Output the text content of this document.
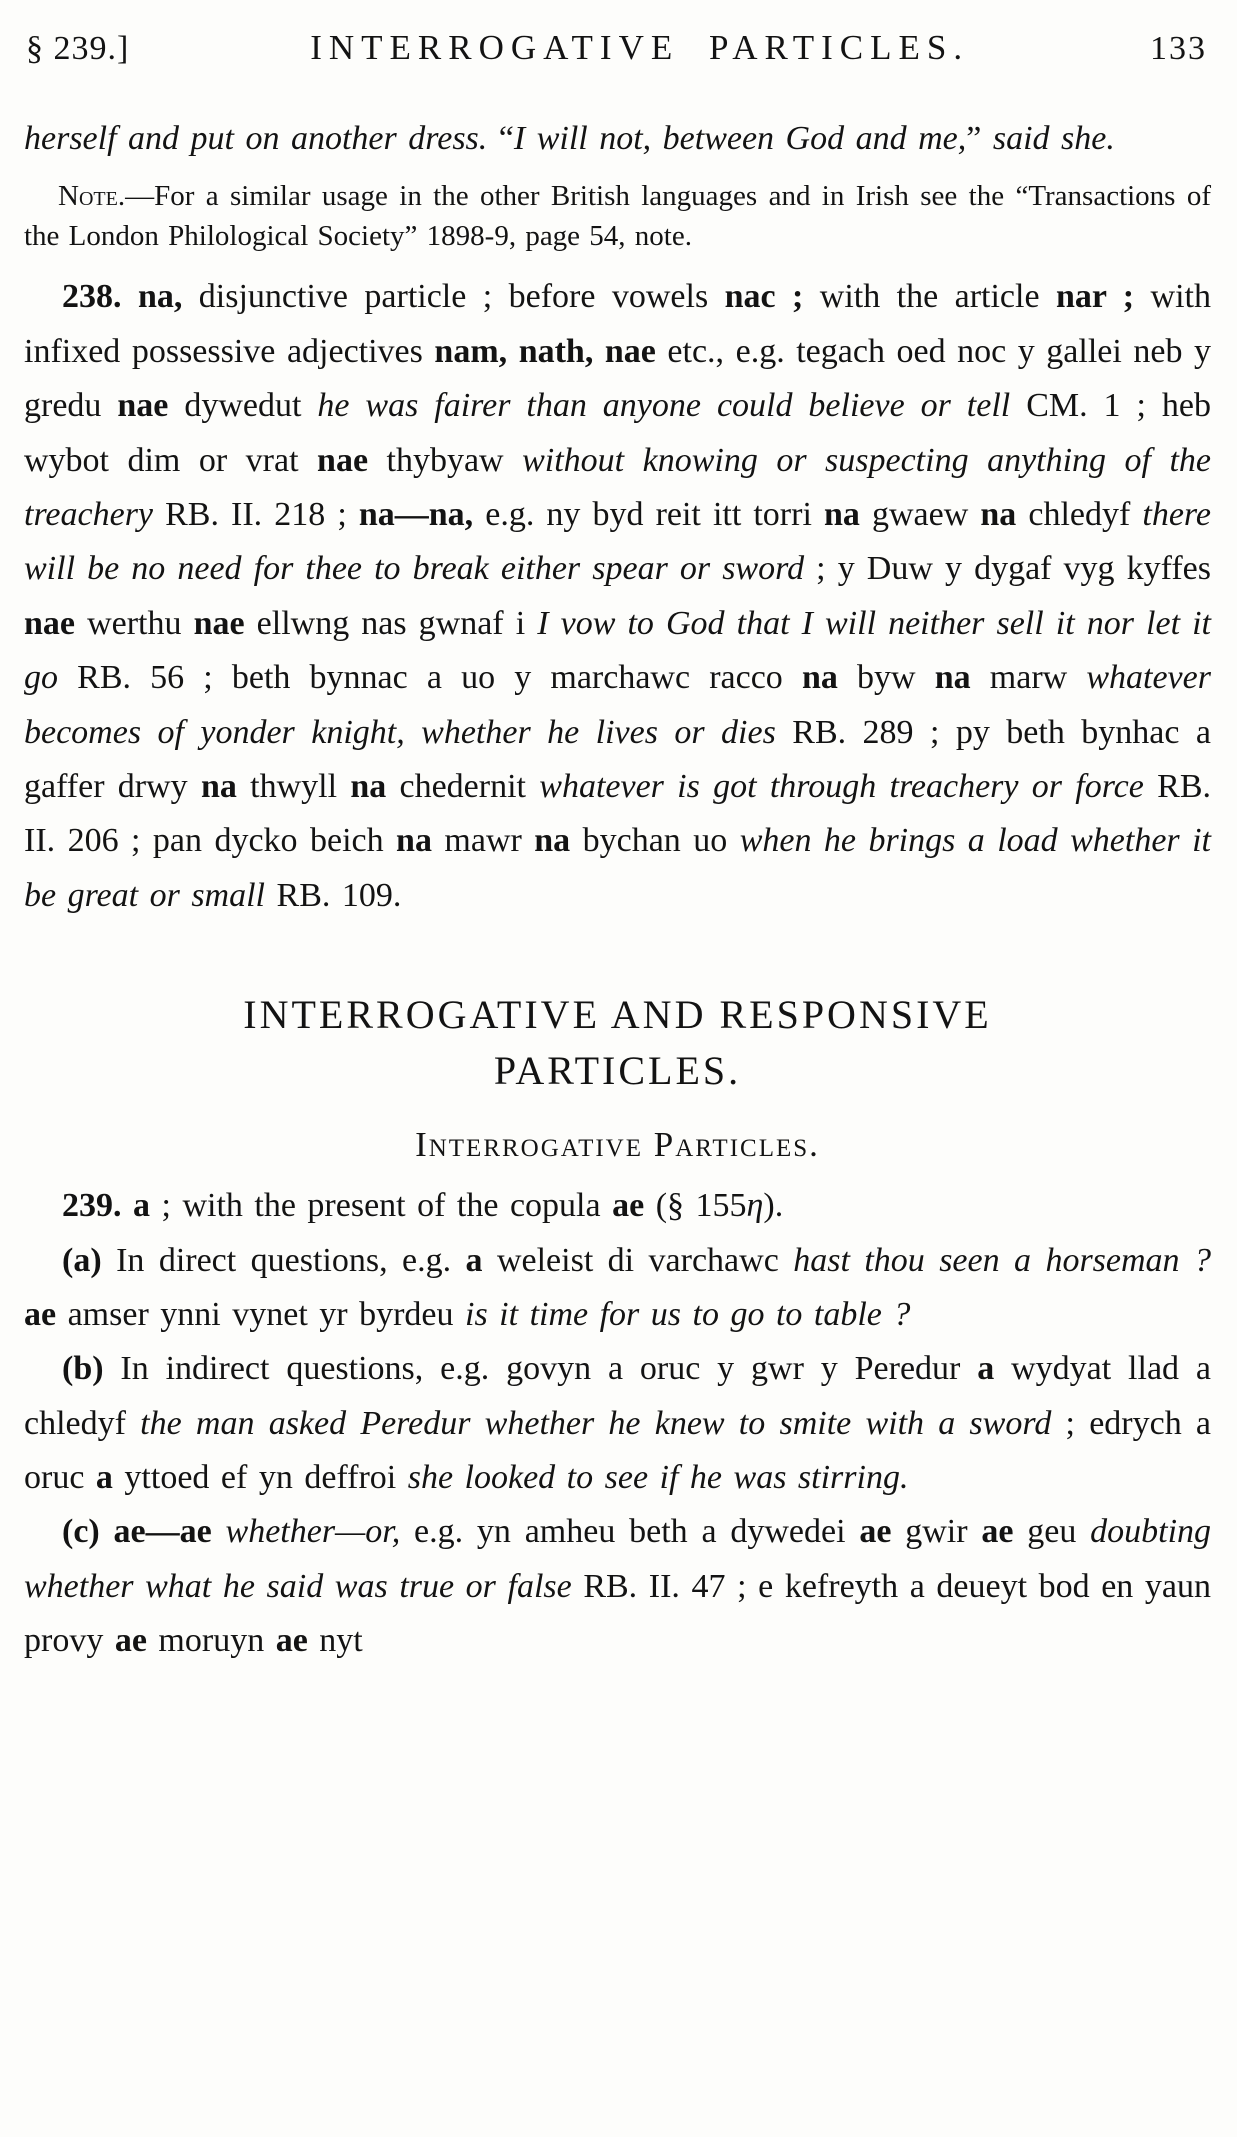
§ 239.]	INTERROGATIVE PARTICLES.	133

herself and put on another dress. “I will not, between God and me,” said she.

Note.—For a similar usage in the other British languages and in Irish see the “Transactions of the London Philological Society” 1898-9, page 54, note.

238. na, disjunctive particle ; before vowels nac ; with the article nar ; with infixed possessive adjectives nam, nath, nae etc., e.g. tegach oed noc y gallei neb y gredu nae dywedut he was fairer than anyone could believe or tell CM. 1 ; heb wybot dim or vrat nae thybyaw without knowing or suspecting anything of the treachery RB. II. 218 ; na—na, e.g. ny byd reit itt torri na gwaew na chledyf there will be no need for thee to break either spear or sword ; y Duw y dygaf vyg kyffes nae werthu nae ellwng nas gwnaf i I vow to God that I will neither sell it nor let it go RB. 56 ; beth bynnac a uo y marchawc racco na byw na marw whatever becomes of yonder knight, whether he lives or dies RB. 289 ; py beth bynhac a gaffer drwy na thwyll na chedernit whatever is got through treachery or force RB. II. 206 ; pan dycko beich na mawr na bychan uo when he brings a load whether it be great or small RB. 109.

INTERROGATIVE AND RESPONSIVE
PARTICLES.
Interrogative Particles.

239. a ; with the present of the copula ae (§ 155η).

(a) In direct questions, e.g. a weleist di varchawc hast thou seen a horseman ? ae amser ynni vynet yr byrdeu is it time for us to go to table ?

(b) In indirect questions, e.g. govyn a oruc y gwr y Peredur a wydyat llad a chledyf the man asked Peredur whether he knew to smite with a sword ; edrych a oruc a yttoed ef yn deffroi she looked to see if he was stirring.

(c) ae—ae whether—or, e.g. yn amheu beth a dywedei ae gwir ae geu doubting whether what he said was true or false RB. II. 47 ; e kefreyth a deueyt bod en yaun provy ae moruyn ae nyt
